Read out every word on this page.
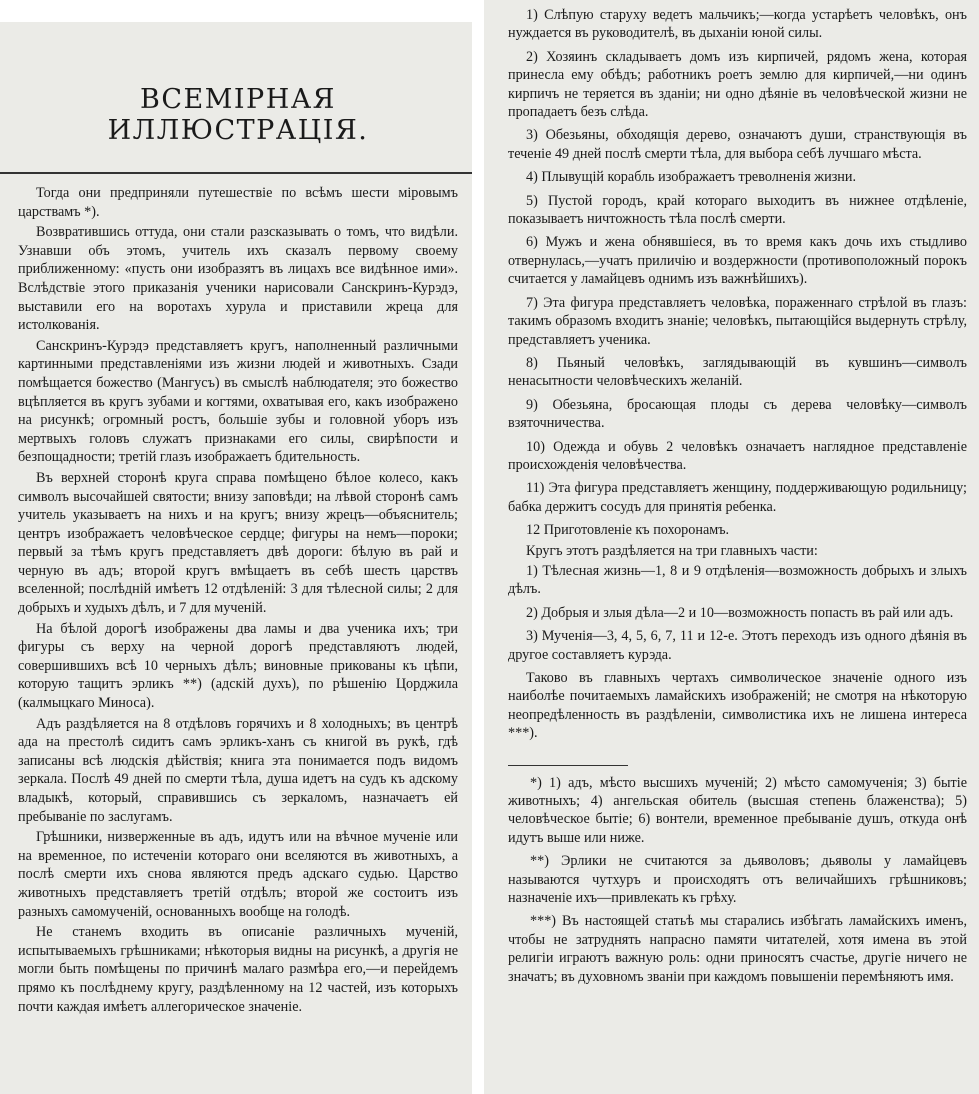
ВСЕМІРНАЯ ИЛЛЮСТРАЦІЯ.

Тогда они предприняли путешествіе по всѣмъ шести міровымъ царствамъ *).

Возвратившись оттуда, они стали разсказывать о томъ, что видѣли. Узнавши объ этомъ, учитель ихъ сказалъ первому своему приближенному: «пусть они изобразятъ въ лицахъ все видѣнное ими». Вслѣдствіе этого приказанія ученики нарисовали Санскринъ-Курэдэ, выставили его на воротахъ хурула и приставили жреца для истолкованія.

Санскринъ-Курэдэ представляетъ кругъ, наполненный различными картинными представленіями изъ жизни людей и животныхъ. Сзади помѣщается божество (Мангусъ) въ смыслѣ наблюдателя; это божество вцѣпляется въ кругъ зубами и когтями, охватывая его, какъ изображено на рисункѣ; огромный ростъ, большіе зубы и головной уборъ изъ мертвыхъ головъ служатъ признаками его силы, свирѣпости и безпощадности; третій глазъ изображаетъ бдительность.

Въ верхней сторонѣ круга справа помѣщено бѣлое колесо, какъ символъ высочайшей святости; внизу заповѣди; на лѣвой сторонѣ самъ учитель указываетъ на нихъ и на кругъ; внизу жрецъ—объяснитель; центръ изображаетъ человѣческое сердце; фигуры на немъ—пороки; первый за тѣмъ кругъ представляетъ двѣ дороги: бѣлую въ рай и черную въ адъ; второй кругъ вмѣщаетъ въ себѣ шесть царствъ вселенной; послѣдній имѣетъ 12 отдѣленій: 3 для тѣлесной силы; 2 для добрыхъ и худыхъ дѣлъ, и 7 для мученій.

На бѣлой дорогѣ изображены два ламы и два ученика ихъ; три фигуры съ верху на черной дорогѣ представляютъ людей, совершившихъ всѣ 10 черныхъ дѣлъ; виновные прикованы къ цѣпи, которую тащитъ эрликъ **) (адскій духъ), по рѣшенію Цорджила (калмыцкаго Миноса).

Адъ раздѣляется на 8 отдѣловъ горячихъ и 8 холодныхъ; въ центрѣ ада на престолѣ сидитъ самъ эрликъ-ханъ съ книгой въ рукѣ, гдѣ записаны всѣ людскія дѣйствія; книга эта понимается подъ видомъ зеркала. Послѣ 49 дней по смерти тѣла, душа идетъ на судъ къ адскому владыкѣ, который, справившись съ зеркаломъ, назначаетъ ей пребываніе по заслугамъ.

Грѣшники, низверженные въ адъ, идутъ или на вѣчное мученіе или на временное, по истеченіи котораго они вселяются въ животныхъ, а послѣ смерти ихъ снова являются предъ адскаго судью. Царство животныхъ представляетъ третій отдѣлъ; второй же состоитъ изъ разныхъ самомученій, основанныхъ вообще на голодѣ.

Не станемъ входить въ описаніе различныхъ мученій, испытываемыхъ грѣшниками; нѣкоторыя видны на рисункѣ, а другія не могли быть помѣщены по причинѣ малаго размѣра его,—и перейдемъ прямо къ послѣднему кругу, раздѣленному на 12 частей, изъ которыхъ почти каждая имѣетъ аллегорическое значеніе.

1) Слѣпую старуху ведетъ мальчикъ;—когда устарѣетъ человѣкъ, онъ нуждается въ руководителѣ, въ дыханіи юной силы.

2) Хозяинъ складываетъ домъ изъ кирпичей, рядомъ жена, которая принесла ему обѣдъ; работникъ роетъ землю для кирпичей,—ни одинъ кирпичъ не теряется въ зданіи; ни одно дѣяніе въ человѣческой жизни не пропадаетъ безъ слѣда.

3) Обезьяны, обходящія дерево, означаютъ души, странствующія въ теченіе 49 дней послѣ смерти тѣла, для выбора себѣ лучшаго мѣста.

4) Плывущій корабль изображаетъ треволненія жизни.

5) Пустой городъ, край котораго выходитъ въ нижнее отдѣленіе, показываетъ ничтожность тѣла послѣ смерти.

6) Мужъ и жена обнявшіеся, въ то время какъ дочь ихъ стыдливо отвернулась,—учатъ приличію и воздержности (противоположный порокъ считается у ламайцевъ однимъ изъ важнѣйшихъ).

7) Эта фигура представляетъ человѣка, пораженнаго стрѣлой въ глазъ: такимъ образомъ входитъ знаніе; человѣкъ, пытающійся выдернуть стрѣлу, представляетъ ученика.

8) Пьяный человѣкъ, заглядывающій въ кувшинъ—символъ ненасытности человѣческихъ желаній.

9) Обезьяна, бросающая плоды съ дерева человѣку—символъ взяточничества.

10) Одежда и обувь 2 человѣкъ означаетъ наглядное представленіе происхожденія человѣчества.

11) Эта фигура представляетъ женщину, поддерживающую родильницу; бабка держитъ сосудъ для принятія ребенка.

12 Приготовленіе къ похоронамъ.

Кругъ этотъ раздѣляется на три главныхъ части:

1) Тѣлесная жизнь—1, 8 и 9 отдѣленія—возможность добрыхъ и злыхъ дѣлъ.

2) Добрыя и злыя дѣла—2 и 10—возможность попасть въ рай или адъ.

3) Мученія—3, 4, 5, 6, 7, 11 и 12-е. Этотъ переходъ изъ одного дѣянія въ другое составляетъ курэда.

Таково въ главныхъ чертахъ символическое значеніе одного изъ наиболѣе почитаемыхъ ламайскихъ изображеній; не смотря на нѣкоторую неопредѣленность въ раздѣленіи, символистика ихъ не лишена интереса ***).

*) 1) адъ, мѣсто высшихъ мученій; 2) мѣсто самомученія; 3) бытіе животныхъ; 4) ангельская обитель (высшая степень блаженства); 5) человѣческое бытіе; 6) вонтели, временное пребываніе душъ, откуда онѣ идутъ выше или ниже.

**) Эрлики не считаются за дьяволовъ; дьяволы у ламайцевъ называются чутхуръ и происходятъ отъ величайшихъ грѣшниковъ; назначеніе ихъ—привлекать къ грѣху.

***) Въ настоящей статьѣ мы старались избѣгать ламайскихъ именъ, чтобы не затруднять напрасно памяти читателей, хотя имена въ этой религіи играютъ важную роль: одни приносятъ счастье, другіе ничего не значатъ; въ духовномъ званіи при каждомъ повышеніи перемѣняютъ имя.
